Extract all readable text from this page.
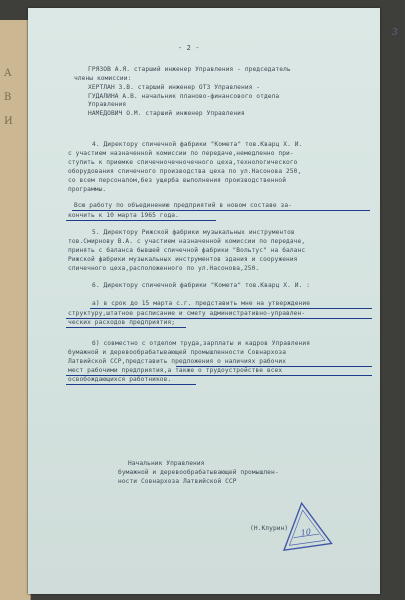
А
В
И
3
- 2 -
ГРЯЗОВ А.Я. старший инженер Управления - председатель
члены комиссии:
ХЕРТЛАН З.В. старший инженер ОТЗ Управления -
ГУДАЛИНА А.В. начальник планово-финансового отдела
Управления
НАМЕДОВИЧ О.М. старший инженер Управления
4. Директору спичечной фабрики "Комета" тов.Кварц Х. И.
с участием назначенной комиссии по передаче,немедленно при-
ступить к приемке спичечночечночечного цеха,технологического
оборудования спичечного производства цеха по ул.Насонова 250,
со всем персоналом,без ущерба выполнения производственной
программы.
Всю работу по объединению предприятий в новом составе за-
кончить к 10 марта 1965 года.
5. Директору Рижской фабрики музыкальных инструментов
тов.Смирнову В.А. с участием назначенной комиссии по передаче,
принять с баланса бывшей спичечной фабрики "Вольтус" на баланс
Рижской фабрики музыкальных инструментов здания и сооружения
спичечного цеха,расположенного по ул.Насонова,250.
6. Директору спичечной фабрики "Комета" тов.Кварц Х. И. :
а) в срок до 15 марта с.г. представить мне на утверждение
структуру,штатное расписание и смету административно-управлен-
ческих расходов предприятия;
б) совместно с отделом труда,зарплаты и кадров Управления
бумажной и деревообрабатывающей промышленности Совнархоза
Латвийской ССР,представить предложения о наличиях рабочих
мест рабочими предприятия,а также о трудоустройстве всех
освобождающихся работников.
Начальник Управления
бумажной и деревообрабатывающей промышлен-
ности Совнархоза Латвийской ССР
(Н.Клурин) 10
